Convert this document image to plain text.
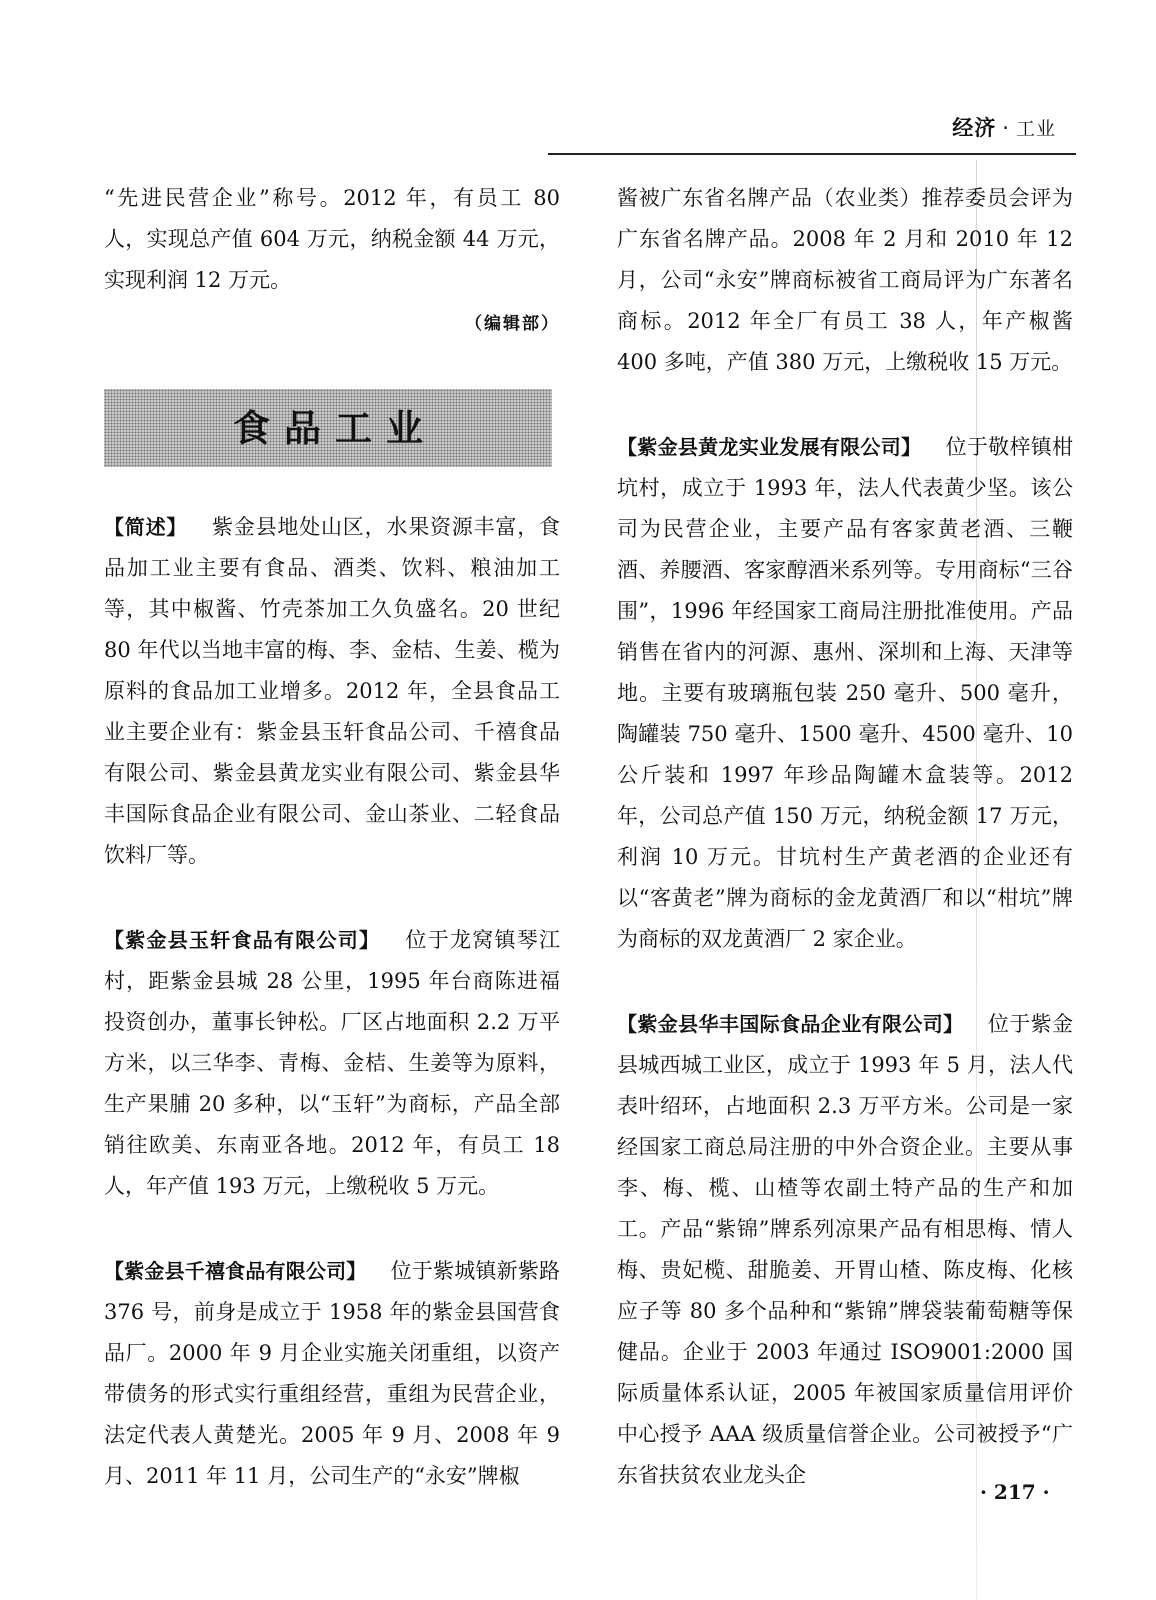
经济 · 工业

“先进民营企业”称号。2012 年，有员工 80 人，实现总产值 604 万元，纳税金额 44 万元，实现利润 12 万元。

（编辑部）

食品工业

【简述】 紫金县地处山区，水果资源丰富，食品加工业主要有食品、酒类、饮料、粮油加工等，其中椒酱、竹壳茶加工久负盛名。20 世纪 80 年代以当地丰富的梅、李、金桔、生姜、榄为原料的食品加工业增多。2012 年，全县食品工业主要企业有：紫金县玉轩食品公司、千禧食品有限公司、紫金县黄龙实业有限公司、紫金县华丰国际食品企业有限公司、金山茶业、二轻食品饮料厂等。

【紫金县玉轩食品有限公司】 位于龙窝镇琴江村，距紫金县城 28 公里，1995 年台商陈进福投资创办，董事长钟松。厂区占地面积 2.2 万平方米，以三华李、青梅、金桔、生姜等为原料，生产果脯 20 多种，以“玉轩”为商标，产品全部销往欧美、东南亚各地。2012 年，有员工 18 人，年产值 193 万元，上缴税收 5 万元。

【紫金县千禧食品有限公司】 位于紫城镇新紫路 376 号，前身是成立于 1958 年的紫金县国营食品厂。2000 年 9 月企业实施关闭重组，以资产带债务的形式实行重组经营，重组为民营企业，法定代表人黄楚光。2005 年 9 月、2008 年 9 月、2011 年 11 月，公司生产的“永安”牌椒

酱被广东省名牌产品（农业类）推荐委员会评为广东省名牌产品。2008 年 2 月和 2010 年 12 月，公司“永安”牌商标被省工商局评为广东著名商标。2012 年全厂有员工 38 人，年产椒酱 400 多吨，产值 380 万元，上缴税收 15 万元。

【紫金县黄龙实业发展有限公司】 位于敬梓镇柑坑村，成立于 1993 年，法人代表黄少坚。该公司为民营企业，主要产品有客家黄老酒、三鞭酒、养腰酒、客家醇酒米系列等。专用商标“三谷围”，1996 年经国家工商局注册批准使用。产品销售在省内的河源、惠州、深圳和上海、天津等地。主要有玻璃瓶包装 250 毫升、500 毫升，陶罐装 750 毫升、1500 毫升、4500 毫升、10 公斤装和 1997 年珍品陶罐木盒装等。2012 年，公司总产值 150 万元，纳税金额 17 万元，利润 10 万元。甘坑村生产黄老酒的企业还有以“客黄老”牌为商标的金龙黄酒厂和以“柑坑”牌为商标的双龙黄酒厂 2 家企业。

【紫金县华丰国际食品企业有限公司】 位于紫金县城西城工业区，成立于 1993 年 5 月，法人代表叶绍环，占地面积 2.3 万平方米。公司是一家经国家工商总局注册的中外合资企业。主要从事李、梅、榄、山楂等农副土特产品的生产和加工。产品“紫锦”牌系列凉果产品有相思梅、情人梅、贵妃榄、甜脆姜、开胃山楂、陈皮梅、化核应子等 80 多个品种和“紫锦”牌袋装葡萄糖等保健品。企业于 2003 年通过 ISO9001:2000 国际质量体系认证，2005 年被国家质量信用评价中心授予 AAA 级质量信誉企业。公司被授予“广东省扶贫农业龙头企

· 217 ·
